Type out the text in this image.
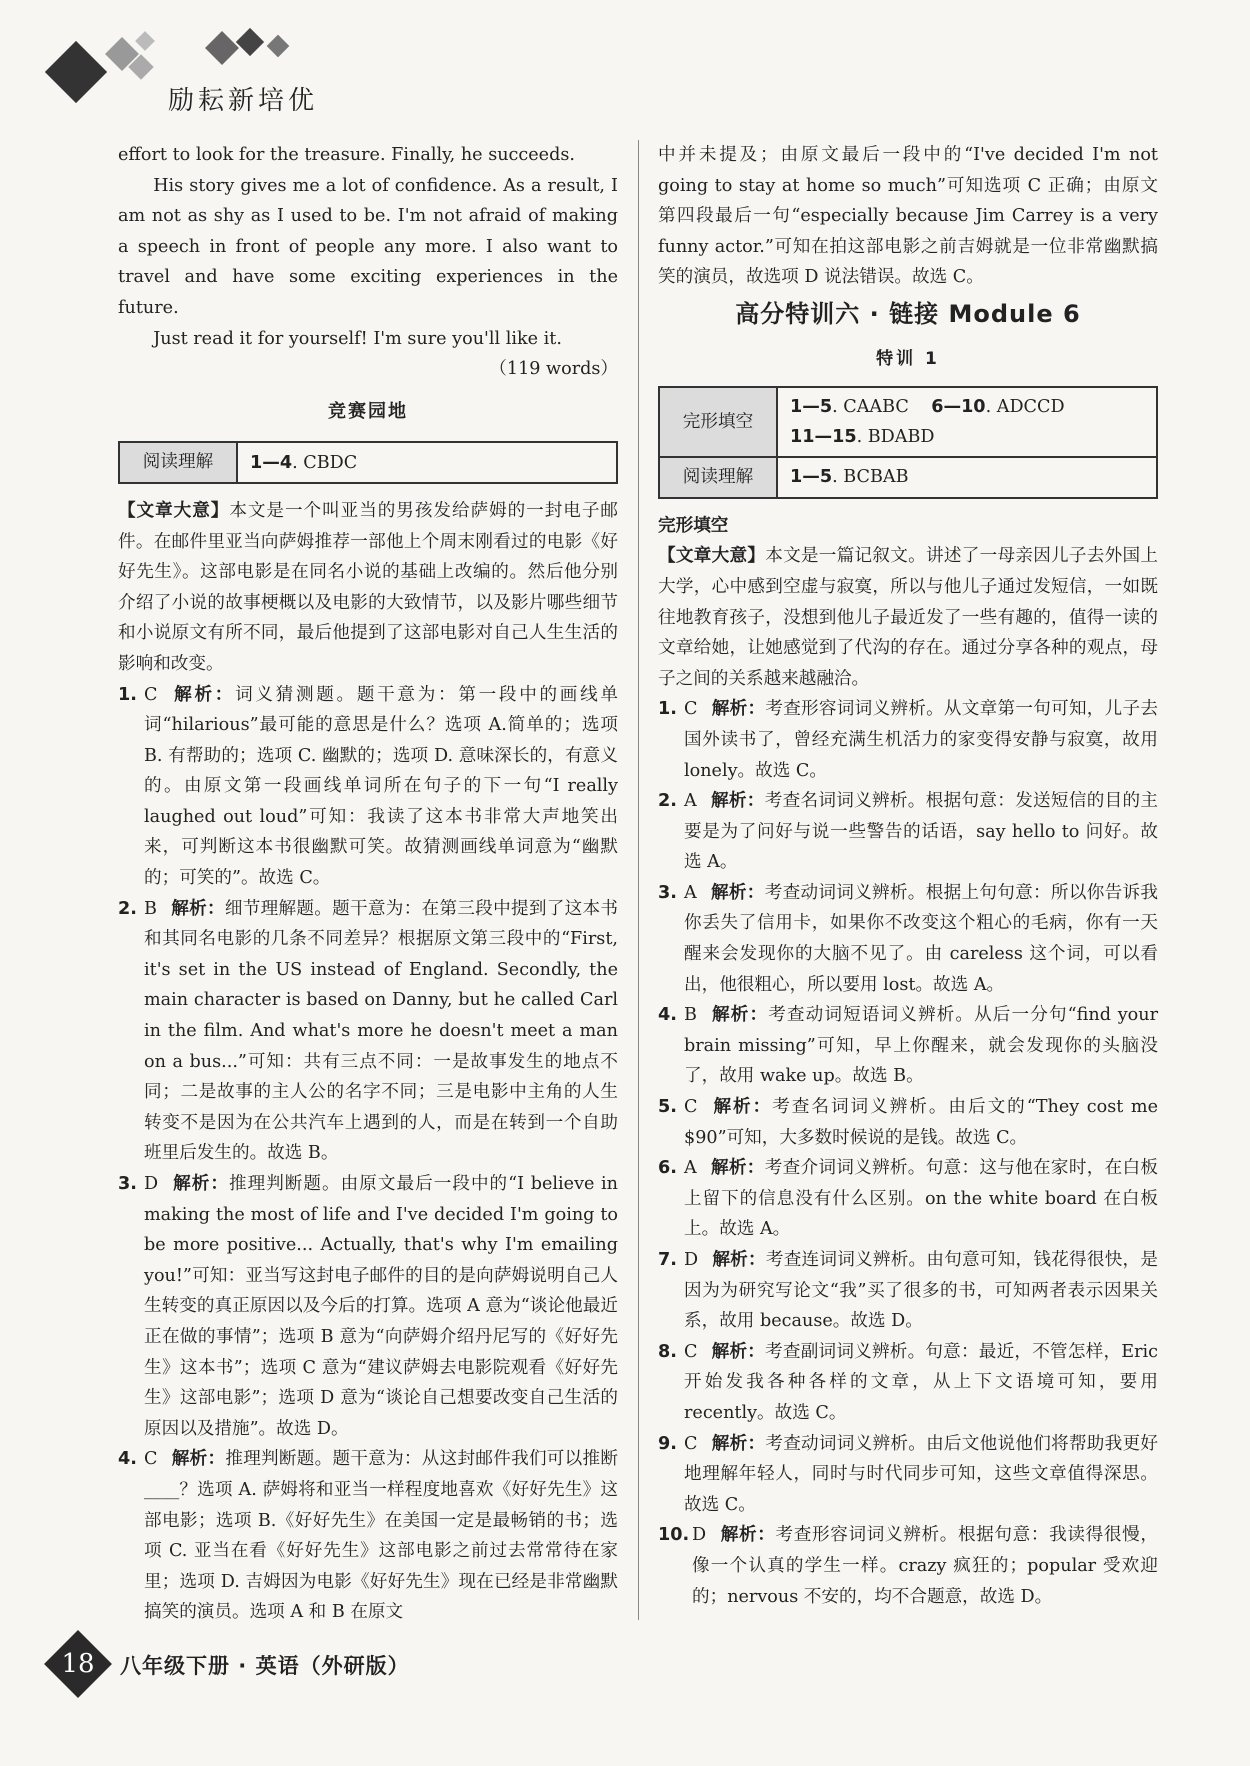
励耘新培优

effort to look for the treasure. Finally, he succeeds.

His story gives me a lot of confidence. As a result, I am not as shy as I used to be. I'm not afraid of making a speech in front of people any more. I also want to travel and have some exciting experiences in the future.

Just read it for yourself! I'm sure you'll like it.

（119 words）

竞赛园地
阅读理解	1—4. CBDC

【文章大意】本文是一个叫亚当的男孩发给萨姆的一封电子邮件。在邮件里亚当向萨姆推荐一部他上个周末刚看过的电影《好好先生》。这部电影是在同名小说的基础上改编的。然后他分别介绍了小说的故事梗概以及电影的大致情节，以及影片哪些细节和小说原文有所不同，最后他提到了这部电影对自己人生生活的影响和改变。

1. C 解析：词义猜测题。题干意为：第一段中的画线单词“hilarious”最可能的意思是什么？选项 A.简单的；选项 B. 有帮助的；选项 C. 幽默的；选项 D. 意味深长的，有意义的。由原文第一段画线单词所在句子的下一句“I really laughed out loud”可知：我读了这本书非常大声地笑出来，可判断这本书很幽默可笑。故猜测画线单词意为“幽默的；可笑的”。故选 C。
2. B 解析：细节理解题。题干意为：在第三段中提到了这本书和其同名电影的几条不同差异？根据原文第三段中的“First, it's set in the US instead of England. Secondly, the main character is based on Danny, but he called Carl in the film. And what's more he doesn't meet a man on a bus...”可知：共有三点不同：一是故事发生的地点不同；二是故事的主人公的名字不同；三是电影中主角的人生转变不是因为在公共汽车上遇到的人，而是在转到一个自助班里后发生的。故选 B。
3. D 解析：推理判断题。由原文最后一段中的“I believe in making the most of life and I've decided I'm going to be more positive... Actually, that's why I'm emailing you!”可知：亚当写这封电子邮件的目的是向萨姆说明自己人生转变的真正原因以及今后的打算。选项 A 意为“谈论他最近正在做的事情”；选项 B 意为“向萨姆介绍丹尼写的《好好先生》这本书”；选项 C 意为“建议萨姆去电影院观看《好好先生》这部电影”；选项 D 意为“谈论自己想要改变自己生活的原因以及措施”。故选 D。
4. C 解析：推理判断题。题干意为：从这封邮件我们可以推断____？选项 A. 萨姆将和亚当一样程度地喜欢《好好先生》这部电影；选项 B.《好好先生》在美国一定是最畅销的书；选项 C. 亚当在看《好好先生》这部电影之前过去常常待在家里；选项 D. 吉姆因为电影《好好先生》现在已经是非常幽默搞笑的演员。选项 A 和 B 在原文

中并未提及；由原文最后一段中的“I've decided I'm not going to stay at home so much”可知选项 C 正确；由原文第四段最后一句“especially because Jim Carrey is a very funny actor.”可知在拍这部电影之前吉姆就是一位非常幽默搞笑的演员，故选项 D 说法错误。故选 C。

高分特训六 · 链接 Module 6
特训 1
完形填空	1—5. CAABC 6—10. ADCCD
11—15. BDABD
阅读理解	1—5. BCBAB
完形填空

【文章大意】本文是一篇记叙文。讲述了一母亲因儿子去外国上大学，心中感到空虚与寂寞，所以与他儿子通过发短信，一如既往地教育孩子，没想到他儿子最近发了一些有趣的，值得一读的文章给她，让她感觉到了代沟的存在。通过分享各种的观点，母子之间的关系越来越融洽。

1. C 解析：考查形容词词义辨析。从文章第一句可知，儿子去国外读书了，曾经充满生机活力的家变得安静与寂寞，故用 lonely。故选 C。
2. A 解析：考查名词词义辨析。根据句意：发送短信的目的主要是为了问好与说一些警告的话语，say hello to 问好。故选 A。
3. A 解析：考查动词词义辨析。根据上句句意：所以你告诉我你丢失了信用卡，如果你不改变这个粗心的毛病，你有一天醒来会发现你的大脑不见了。由 careless 这个词，可以看出，他很粗心，所以要用 lost。故选 A。
4. B 解析：考查动词短语词义辨析。从后一分句“find your brain missing”可知，早上你醒来，就会发现你的头脑没了，故用 wake up。故选 B。
5. C 解析：考查名词词义辨析。由后文的“They cost me $90”可知，大多数时候说的是钱。故选 C。
6. A 解析：考查介词词义辨析。句意：这与他在家时，在白板上留下的信息没有什么区别。on the white board 在白板上。故选 A。
7. D 解析：考查连词词义辨析。由句意可知，钱花得很快，是因为为研究写论文“我”买了很多的书，可知两者表示因果关系，故用 because。故选 D。
8. C 解析：考查副词词义辨析。句意：最近，不管怎样，Eric 开始发我各种各样的文章，从上下文语境可知，要用 recently。故选 C。
9. C 解析：考查动词词义辨析。由后文他说他们将帮助我更好地理解年轻人，同时与时代同步可知，这些文章值得深思。故选 C。
10. D 解析：考查形容词词义辨析。根据句意：我读得很慢，像一个认真的学生一样。crazy 疯狂的；popular 受欢迎的；nervous 不安的，均不合题意，故选 D。
18	八年级下册 · 英语（外研版）
